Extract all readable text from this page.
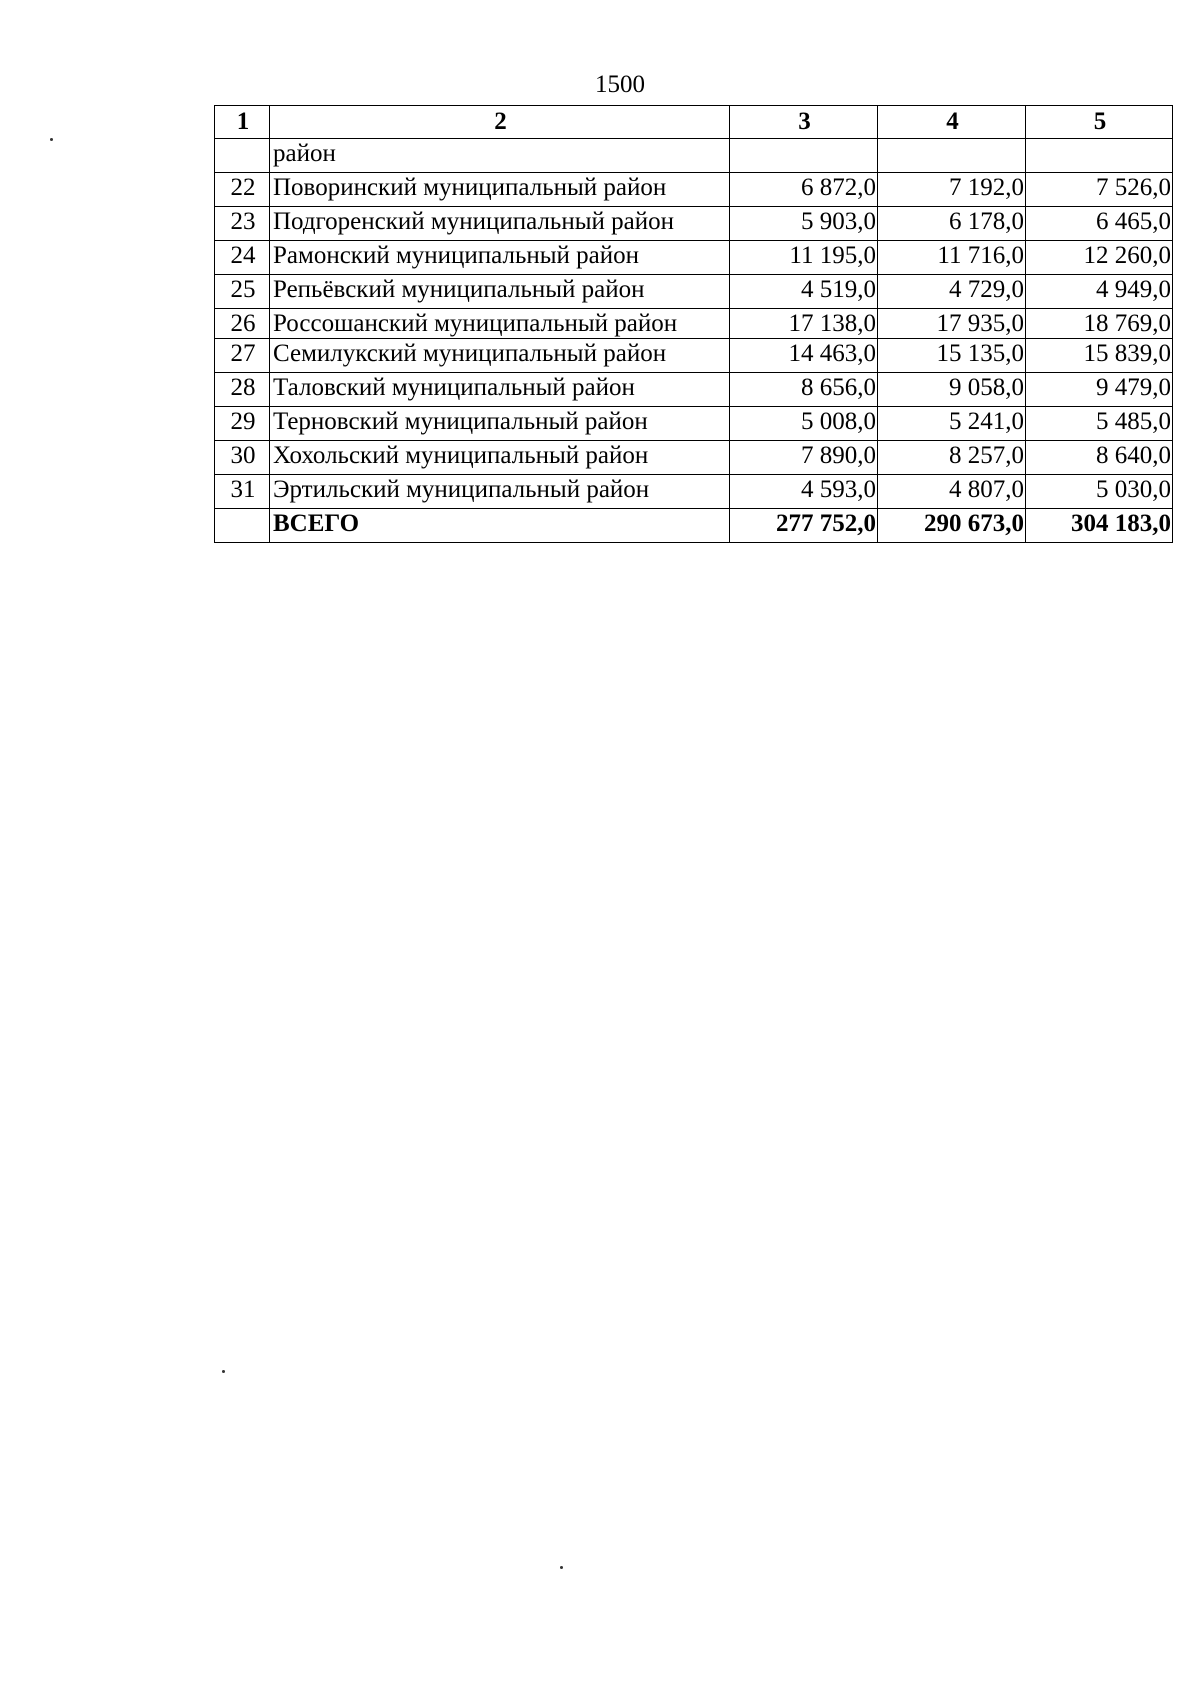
1500
1	2	3	4	5
	район			
22	Поворинский муниципальный район	6 872,0	7 192,0	7 526,0
23	Подгоренский муниципальный район	5 903,0	6 178,0	6 465,0
24	Рамонский муниципальный район	11 195,0	11 716,0	12 260,0
25	Репьёвский муниципальный район	4 519,0	4 729,0	4 949,0
26	Россошанский муниципальный район	17 138,0	17 935,0	18 769,0
27	Семилукский муниципальный район	14 463,0	15 135,0	15 839,0
28	Таловский муниципальный район	8 656,0	9 058,0	9 479,0
29	Терновский муниципальный район	5 008,0	5 241,0	5 485,0
30	Хохольский муниципальный район	7 890,0	8 257,0	8 640,0
31	Эртильский муниципальный район	4 593,0	4 807,0	5 030,0
	ВСЕГО	277 752,0	290 673,0	304 183,0
